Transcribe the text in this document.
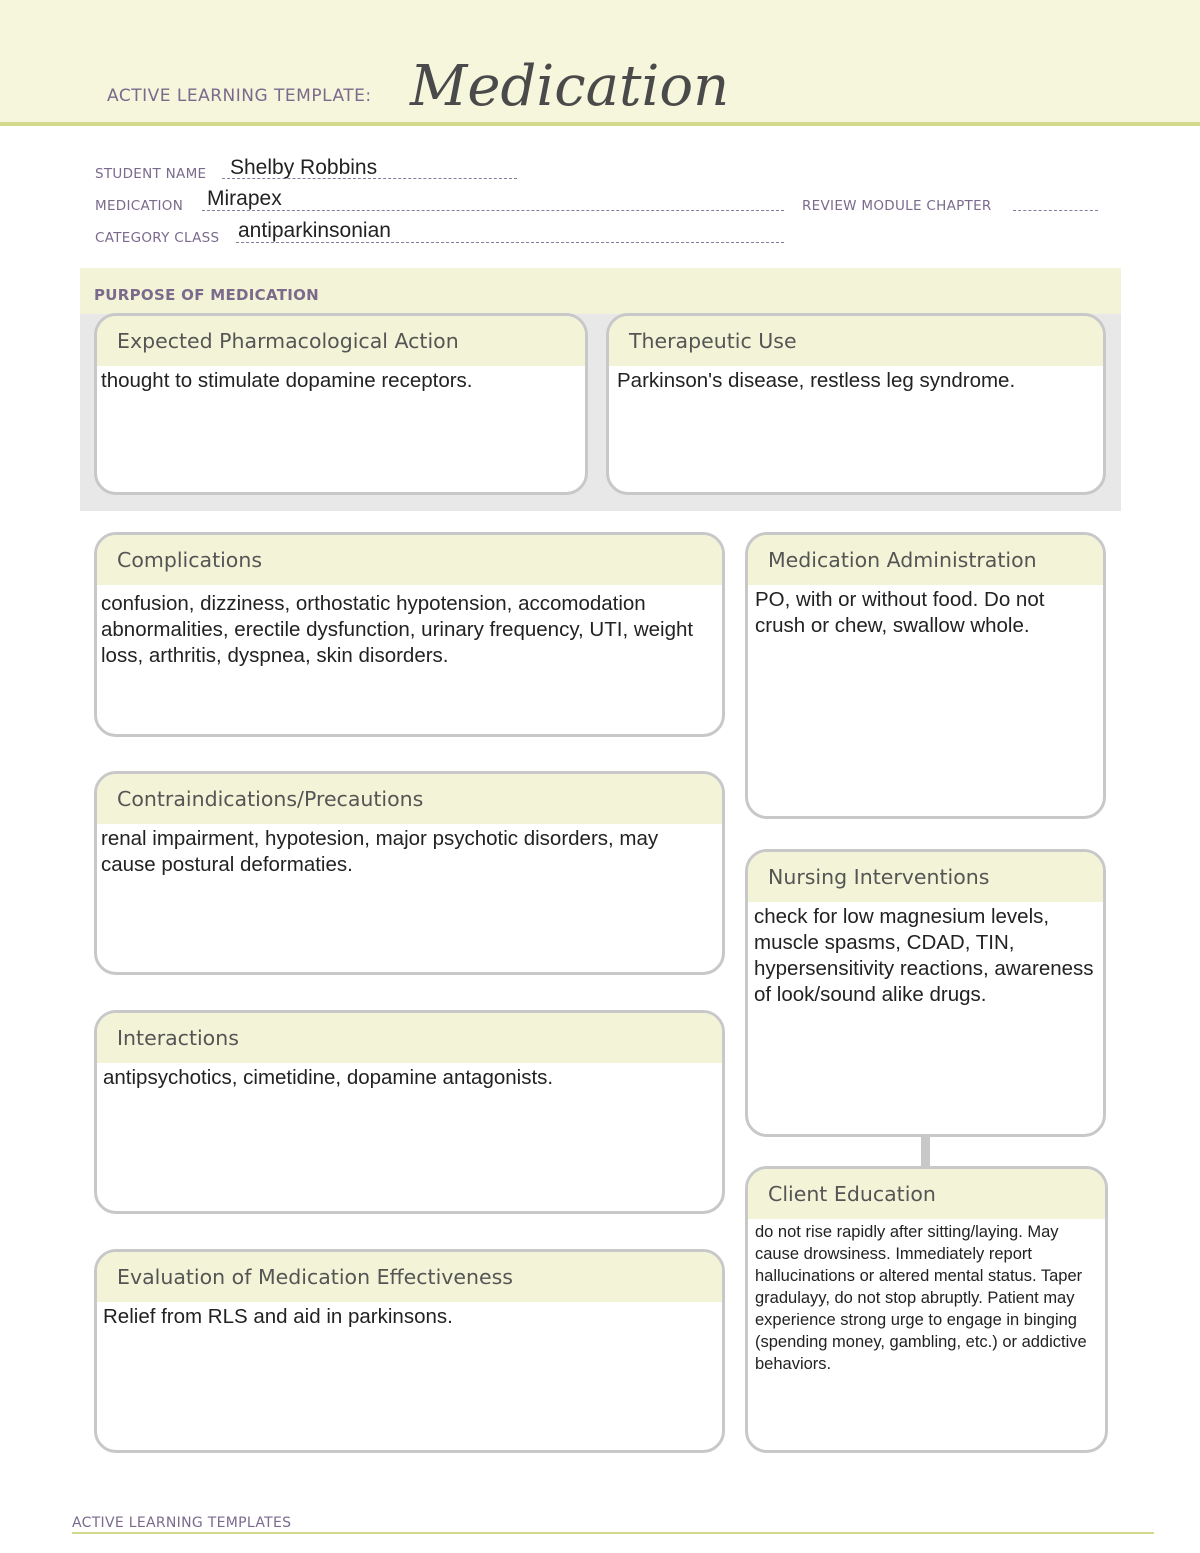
ACTIVE LEARNING TEMPLATE: Medication
STUDENT NAME Shelby Robbins
MEDICATION Mirapex	REVIEW MODULE CHAPTER
CATEGORY CLASS antiparkinsonian
PURPOSE OF MEDICATION
Expected Pharmacological Action
thought to stimulate dopamine receptors.
Therapeutic Use
Parkinson's disease, restless leg syndrome.
Complications
confusion, dizziness, orthostatic hypotension, accomodation abnormalities, erectile dysfunction, urinary frequency, UTI, weight loss, arthritis, dyspnea, skin disorders.
Contraindications/Precautions
renal impairment, hypotesion, major psychotic disorders, may cause postural deformaties.
Interactions
antipsychotics, cimetidine, dopamine antagonists.
Evaluation of Medication Effectiveness
Relief from RLS and aid in parkinsons.
Medication Administration
PO, with or without food. Do not crush or chew, swallow whole.
Nursing Interventions
check for low magnesium levels, muscle spasms, CDAD, TIN, hypersensitivity reactions, awareness of look/sound alike drugs.
Client Education
do not rise rapidly after sitting/laying. May cause drowsiness. Immediately report hallucinations or altered mental status. Taper gradulayy, do not stop abruptly. Patient may experience strong urge to engage in binging (spending money, gambling, etc.) or addictive behaviors.
ACTIVE LEARNING TEMPLATES
